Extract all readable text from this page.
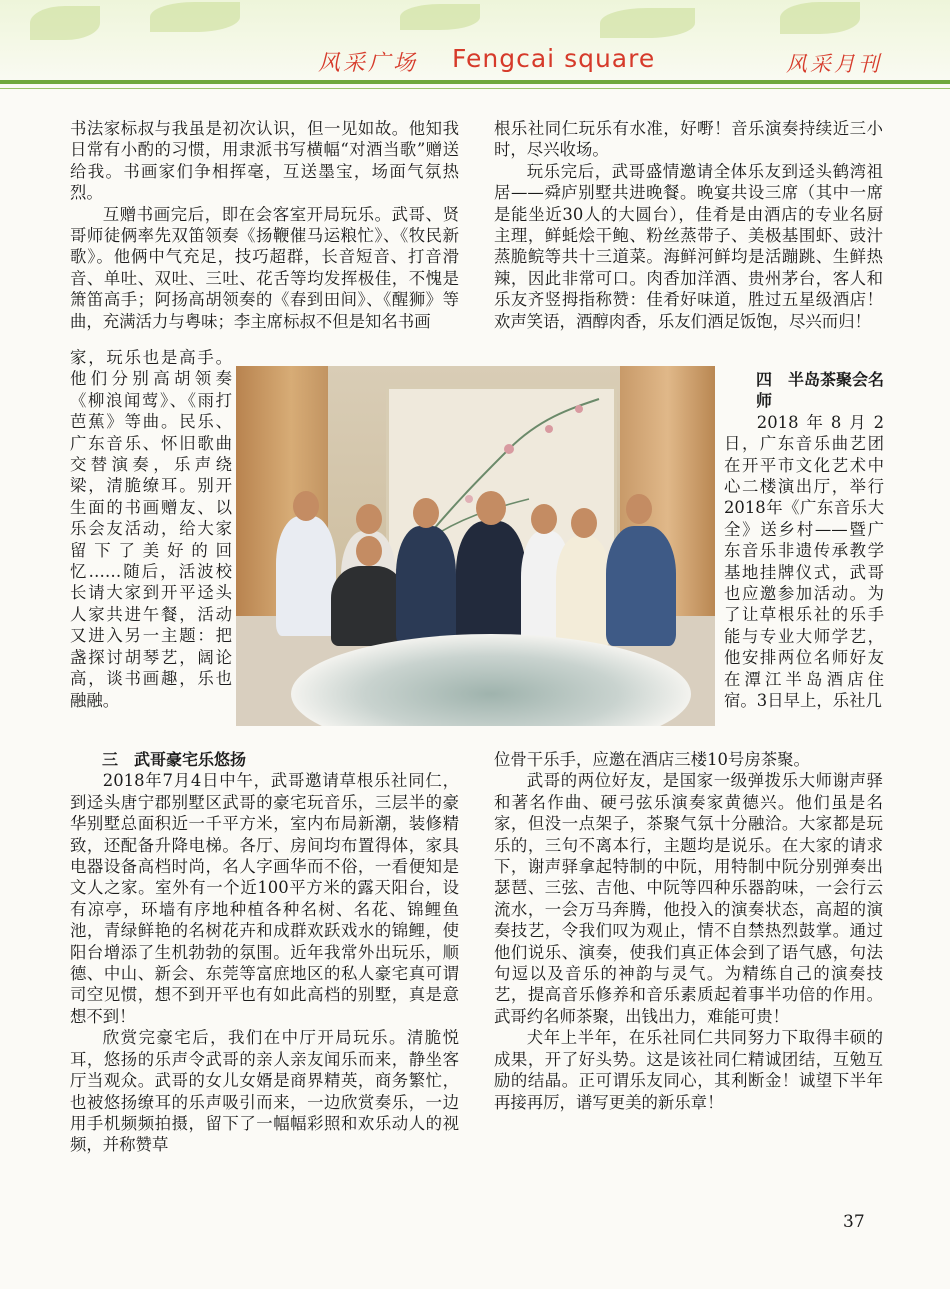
风采广场 Fengcai square	风采月刊

书法家标叔与我虽是初次认识，但一见如故。他知我日常有小酌的习惯，用隶派书写横幅“对酒当歌”赠送给我。书画家们争相挥毫，互送墨宝，场面气氛热烈。

互赠书画完后，即在会客室开局玩乐。武哥、贤哥师徒俩率先双笛领奏《扬鞭催马运粮忙》、《牧民新歌》。他俩中气充足，技巧超群，长音短音、打音滑音、单吐、双吐、三吐、花舌等均发挥极佳，不愧是箫笛高手；阿扬高胡领奏的《春到田间》、《醒狮》等曲，充满活力与粤味；李主席标叔不但是知名书画

家，玩乐也是高手。他们分别高胡领奏《柳浪闻莺》、《雨打芭蕉》等曲。民乐、广东音乐、怀旧歌曲交替演奏，乐声绕梁，清脆缭耳。别开生面的书画赠友、以乐会友活动，给大家留下了美好的回忆……随后，活波校长请大家到开平迳头人家共进午餐，活动又进入另一主题：把盏探讨胡琴艺，阔论高，谈书画趣，乐也融融。
三　武哥豪宅乐悠扬

2018年7月4日中午，武哥邀请草根乐社同仁，到迳头唐宁郡别墅区武哥的豪宅玩音乐，三层半的豪华别墅总面积近一千平方米，室内布局新潮，装修精致，还配备升降电梯。各厅、房间均布置得体，家具电器设备高档时尚，名人字画华而不俗，一看便知是文人之家。室外有一个近100平方米的露天阳台，设有凉亭，环墙有序地种植各种名树、名花、锦鲤鱼池，青绿鲜艳的名树花卉和成群欢跃戏水的锦鲤，使阳台增添了生机勃勃的氛围。近年我常外出玩乐，顺德、中山、新会、东莞等富庶地区的私人豪宅真可谓司空见惯，想不到开平也有如此高档的别墅，真是意想不到！

欣赏完豪宅后，我们在中厅开局玩乐。清脆悦耳，悠扬的乐声令武哥的亲人亲友闻乐而来，静坐客厅当观众。武哥的女儿女婿是商界精英，商务繁忙，也被悠扬缭耳的乐声吸引而来，一边欣赏奏乐，一边用手机频频拍摄，留下了一幅幅彩照和欢乐动人的视频，并称赞草

根乐社同仁玩乐有水准，好嘢！音乐演奏持续近三小时，尽兴收场。

玩乐完后，武哥盛情邀请全体乐友到迳头鹤湾祖居——舜庐别墅共进晚餐。晚宴共设三席（其中一席是能坐近30人的大圆台），佳肴是由酒店的专业名厨主理，鲜蚝烩干鲍、粉丝蒸带子、美极基围虾、豉汁蒸脆鲩等共十三道菜。海鲜河鲜均是活蹦跳、生鲜热辣，因此非常可口。肉香加洋酒、贵州茅台，客人和乐友齐竖拇指称赞：佳肴好味道，胜过五星级酒店！欢声笑语，酒醇肉香，乐友们酒足饭饱，尽兴而归！

四　半岛茶聚会名师
2018年8月2日，广东音乐曲艺团在开平市文化艺术中心二楼演出厅，举行2018年《广东音乐大全》送乡村——暨广东音乐非遗传承教学基地挂牌仪式，武哥也应邀参加活动。为了让草根乐社的乐手能与专业大师学艺，他安排两位名师好友在潭江半岛酒店住宿。3日早上，乐社几

位骨干乐手，应邀在酒店三楼10号房茶聚。

武哥的两位好友，是国家一级弹拨乐大师谢声驿和著名作曲、硬弓弦乐演奏家黄德兴。他们虽是名家，但没一点架子，茶聚气氛十分融洽。大家都是玩乐的，三句不离本行，主题均是说乐。在大家的请求下，谢声驿拿起特制的中阮，用特制中阮分别弹奏出瑟琶、三弦、吉他、中阮等四种乐器韵味，一会行云流水，一会万马奔腾，他投入的演奏状态，高超的演奏技艺，令我们叹为观止，情不自禁热烈鼓掌。通过他们说乐、演奏，使我们真正体会到了语气感，句法句逗以及音乐的神韵与灵气。为精练自己的演奏技艺，提高音乐修养和音乐素质起着事半功倍的作用。武哥约名师茶聚，出钱出力，难能可贵！

犬年上半年，在乐社同仁共同努力下取得丰硕的成果，开了好头势。这是该社同仁精诚团结，互勉互励的结晶。正可谓乐友同心，其利断金！诚望下半年再接再厉，谱写更美的新乐章！

37
